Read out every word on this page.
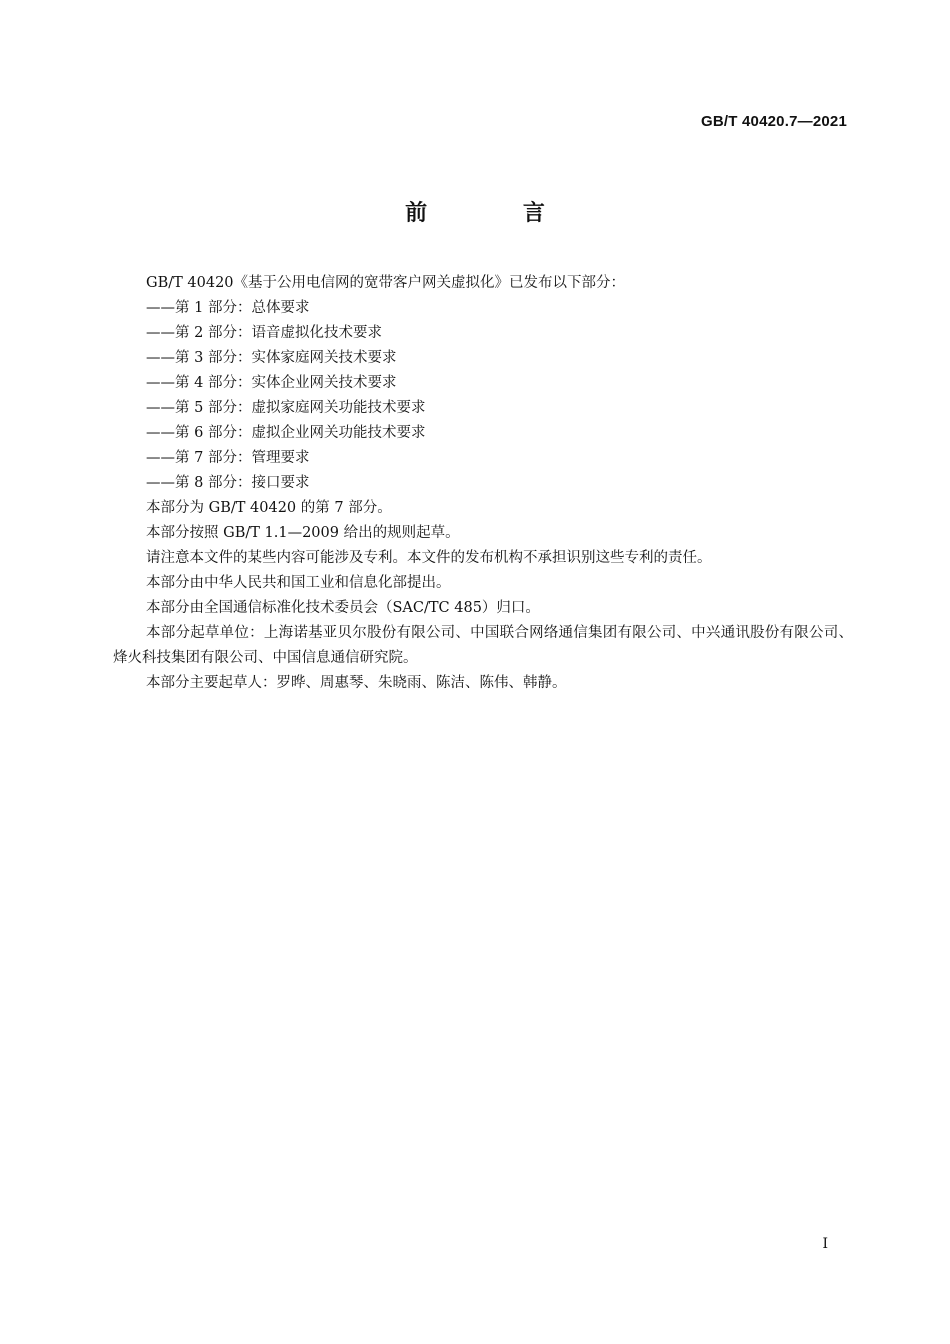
GB/T 40420.7—2021
前 言

GB/T 40420《基于公用电信网的宽带客户网关虚拟化》已发布以下部分：

——第 1 部分：总体要求

——第 2 部分：语音虚拟化技术要求

——第 3 部分：实体家庭网关技术要求

——第 4 部分：实体企业网关技术要求

——第 5 部分：虚拟家庭网关功能技术要求

——第 6 部分：虚拟企业网关功能技术要求

——第 7 部分：管理要求

——第 8 部分：接口要求

本部分为 GB/T 40420 的第 7 部分。

本部分按照 GB/T 1.1—2009 给出的规则起草。

请注意本文件的某些内容可能涉及专利。本文件的发布机构不承担识别这些专利的责任。

本部分由中华人民共和国工业和信息化部提出。

本部分由全国通信标准化技术委员会（SAC/TC 485）归口。

本部分起草单位：上海诺基亚贝尔股份有限公司、中国联合网络通信集团有限公司、中兴通讯股份有限公司、烽火科技集团有限公司、中国信息通信研究院。

本部分主要起草人：罗晔、周惠琴、朱晓雨、陈洁、陈伟、韩静。

I
